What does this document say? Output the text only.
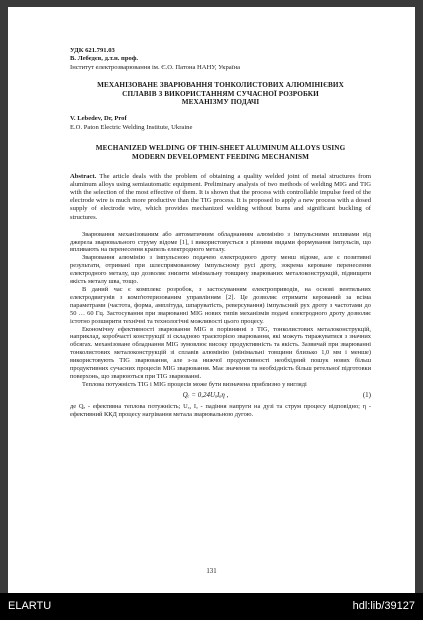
УДК 621.791.03
В. Лебедєв, д.т.н. проф.
Інститут електрозварювання ім. Є.О. Патона НАНУ, Україна
МЕХАНІЗОВАНЕ ЗВАРЮВАННЯ ТОНКОЛИСТОВИХ АЛЮМІНІЄВИХ
СПЛАВІВ З ВИКОРИСТАННЯМ СУЧАСНОЇ РОЗРОБКИ
МЕХАНІЗМУ ПОДАЧІ
V. Lebedev, Dr, Prof
E.O. Paton Electric Welding Institute, Ukraine
MECHANIZED WELDING OF THIN-SHEET ALUMINUM ALLOYS USING
MODERN DEVELOPMENT FEEDING MECHANISM
Abstract. The article deals with the problem of obtaining a quality welded joint of metal structures from aluminum alloys using semiautomatic equipment. Preliminary analysis of two methods of welding MIG and TIG with the selection of the most effective of them. It is shown that the process with controllable impulse feed of the electrode wire is much more productive than the TIG process. It is proposed to apply a new process with a dosed supply of electrode wire, which provides mechanized welding without burns and significant buckling of structures.

Зварювання механізованим або автоматичним обладнанням алюмінію з імпульсними впливами від джерела зварювального струму відоме [1], і використовується з різними видами формування імпульсів, що впливають на перенесення крапель електродного металу.

Зварювання алюмінію з імпульсною подачею електродного дроту менш відоме, але є позитивні результати, отримані при шлеспрямованому імпульсному русі дроту, зокрема кероване перенесення електродного металу, що дозволяє знизити мінімальну товщину зварюваних металоконструкцій, підвищити якість металу шва, тощо.

В даний час є комплекс розробок, з застосуванням електроприводів, на основі вентильних електродвигунів з комп'ютеризованим управлінням [2]. Це дозволяє отримати керований за всіма параметрами (частота, форма, амплітуда, шпаруватість, реверсування) імпульсний рух дроту з частотами до 50 … 60 Гц. Застосування при зварюванні MIG нових типів механізмів подачі електродного дроту дозволяє істотно розширити технічні та технологічні можливості цього процесу.

Економічну ефективності зварювання MIG в порівнянні з TIG, тонколистових металоконструкцій, наприклад, коробчасті конструкції зі складною траєкторією зварювання, які можуть тиражуватися з значних обсягах. механізоване обладнання MIG зумовлює високу продуктивність та якість. Зазвичай при зварюванні тонколистових металоконструкцій зі сплавів алюмінію (мінімальні товщини близько 1,0 мм і менше) використовують TIG зварювання, але з-за нижчої продуктивності необхідний пошук нових більш продуктивних сучасних процесів MIG зварювання. Має значення та необхідність більш ретельної підготовки поверхонь, що зварюються при TIG зварюванні.

Теплова потужність TIG і MIG процесів може бути визначена приблизно у вигляді

Qₑ = 0,24UₐIₐη ,	(1)

де Qₑ - ефективна теплова потужність; Uₐ, Iₐ - падіння напруги на дузі та струм процесу відповідно; η - ефективний ККД процесу нагрівання метала зварювальною дугою.

131
ELARTU	hdl:lib/39127
